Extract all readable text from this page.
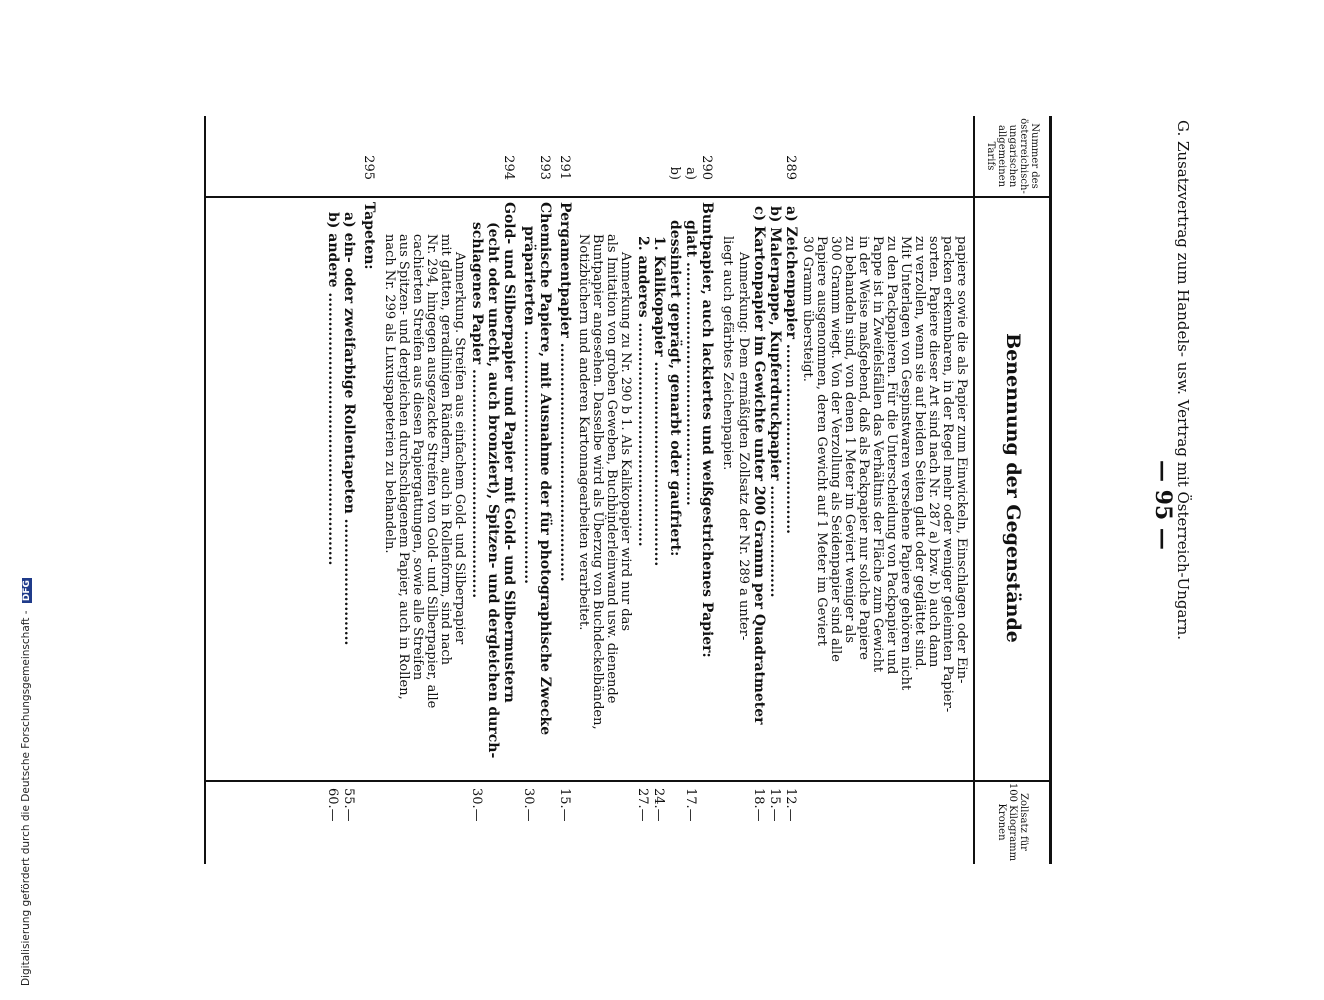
G. Zusatzvertrag zum Handels- usw. Vertrag mit Österreich-Ungarn.
— 95 —
Nummer des österreichisch-ungarischen allgemeinen Tarifs
Benennung der Gegenstände
Zollsatz für 100 Kilogramm Kronen
papiere sowie die als Papier zum Einwickeln, Einschlagen oder Ein-
packen erkennbaren, in der Regel mehr oder weniger geleimten Papier-
sorten. Papiere dieser Art sind nach Nr. 287 a) bzw. b) auch dann
zu verzollen, wenn sie auf beiden Seiten glatt oder geglättet sind.
Mit Unterlagen von Gespinstwaren versehene Papiere gehören nicht
zu den Packpapieren. Für die Unterscheidung von Packpapier und
Pappe ist in Zweifelsfällen das Verhältnis der Fläche zum Gewicht
in der Weise maßgebend, daß als Packpapier nur solche Papiere
zu behandeln sind, von denen 1 Meter im Geviert weniger als
300 Gramm wiegt. Von der Verzollung als Seidenpapier sind alle
Papiere ausgenommen, deren Gewicht auf 1 Meter im Geviert
30 Gramm übersteigt.
289
a) Zeichenpapier .......................................
12.—
b) Malerpappe, Kupferdruckpapier .......................
15.—
c) Kartonpapier im Gewichte unter 200 Gramm per Quadratmeter
18.—
Anmerkung: Dem ermäßigten Zollsatz der Nr. 289 a unter-
liegt auch gefärbtes Zeichenpapier.
290
Buntpapier, auch lackiertes und weißgestrichenes Papier:
a)
glatt ..................................................
17.—
b)
dessiniert geprägt, genarbt oder gaufriert:
1. Kalikopapier ..........................................
24.—
2. anderes ..............................................
27.—
Anmerkung zu Nr. 290 b 1. Als Kalikopapier wird nur das
als Imitation von groben Geweben, Buchbinderleinwand usw. dienende
Buntpapier angesehen. Dasselbe wird als Überzug von Buchdeckelbänden,
Notizbüchern und anderen Kartonnagearbeiten verarbeitet.
291
Pergamentpapier .................................................
15.—
293
Chemische Papiere, mit Ausnahme der für photographische Zwecke
präparierten ....................................................
30.—
294
Gold- und Silberpapier und Papier mit Gold- und Silbermustern
(echt oder unecht, auch bronziert), Spitzen- und dergleichen durch-
schlagenes Papier ...............................................
30.—
Anmerkung. Streifen aus einfachem Gold- und Silberpapier
mit glatten, geradlinigen Rändern, auch in Rollenform, sind nach
Nr. 294, hingegen ausgezackte Streifen von Gold- und Silberpapier, alle
cachierten Streifen aus diesen Papiergattungen, sowie alle Streifen
aus Spitzen- und dergleichen durchschlagenem Papier, auch in Rollen,
nach Nr. 299 als Luxuspapeterien zu behandeln.
295
Tapeten:
a) ein- oder zweifarbige Rollentapeten ..........................
55.—
b) andere ........................................................
60.—
Digitalisierung gefördert durch die Deutsche Forschungsgemeinschaft - DFG
